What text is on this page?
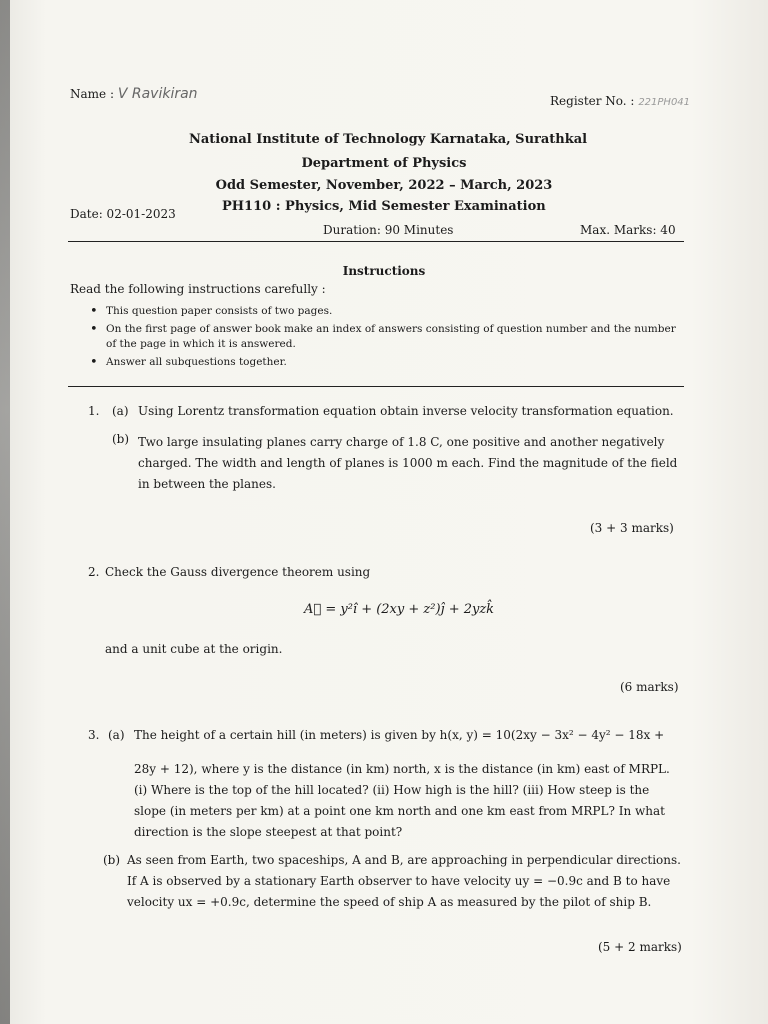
Name : V Ravikiran	Register No. : 221PH041
National Institute of Technology Karnataka, Surathkal
Department of Physics
Odd Semester, November, 2022 – March, 2023
PH110 : Physics, Mid Semester Examination
Date: 02-01-2023
Duration: 90 Minutes	Max. Marks: 40
Instructions
Read the following instructions carefully :
• This question paper consists of two pages.
• On the first page of answer book make an index of answers consisting of question number and the number of the page in which it is answered.
• Answer all subquestions together.
1. (a) Using Lorentz transformation equation obtain inverse velocity transformation equation.
(b) Two large insulating planes carry charge of 1.8 C, one positive and another negatively charged. The width and length of planes is 1000 m each. Find the magnitude of the field in between the planes.
(3 + 3 marks)
2. Check the Gauss divergence theorem using
A⃗ = y²î + (2xy + z²)ĵ + 2yzk̂
and a unit cube at the origin.
(6 marks)
3. (a) The height of a certain hill (in meters) is given by h(x, y) = 10(2xy − 3x² − 4y² − 18x +
28y + 12), where y is the distance (in km) north, x is the distance (in km) east of MRPL.
(i) Where is the top of the hill located? (ii) How high is the hill? (iii) How steep is the
slope (in meters per km) at a point one km north and one km east from MRPL? In what
direction is the slope steepest at that point?
(b) As seen from Earth, two spaceships, A and B, are approaching in perpendicular directions.
If A is observed by a stationary Earth observer to have velocity uy = −0.9c and B to have
velocity ux = +0.9c, determine the speed of ship A as measured by the pilot of ship B.
(5 + 2 marks)
